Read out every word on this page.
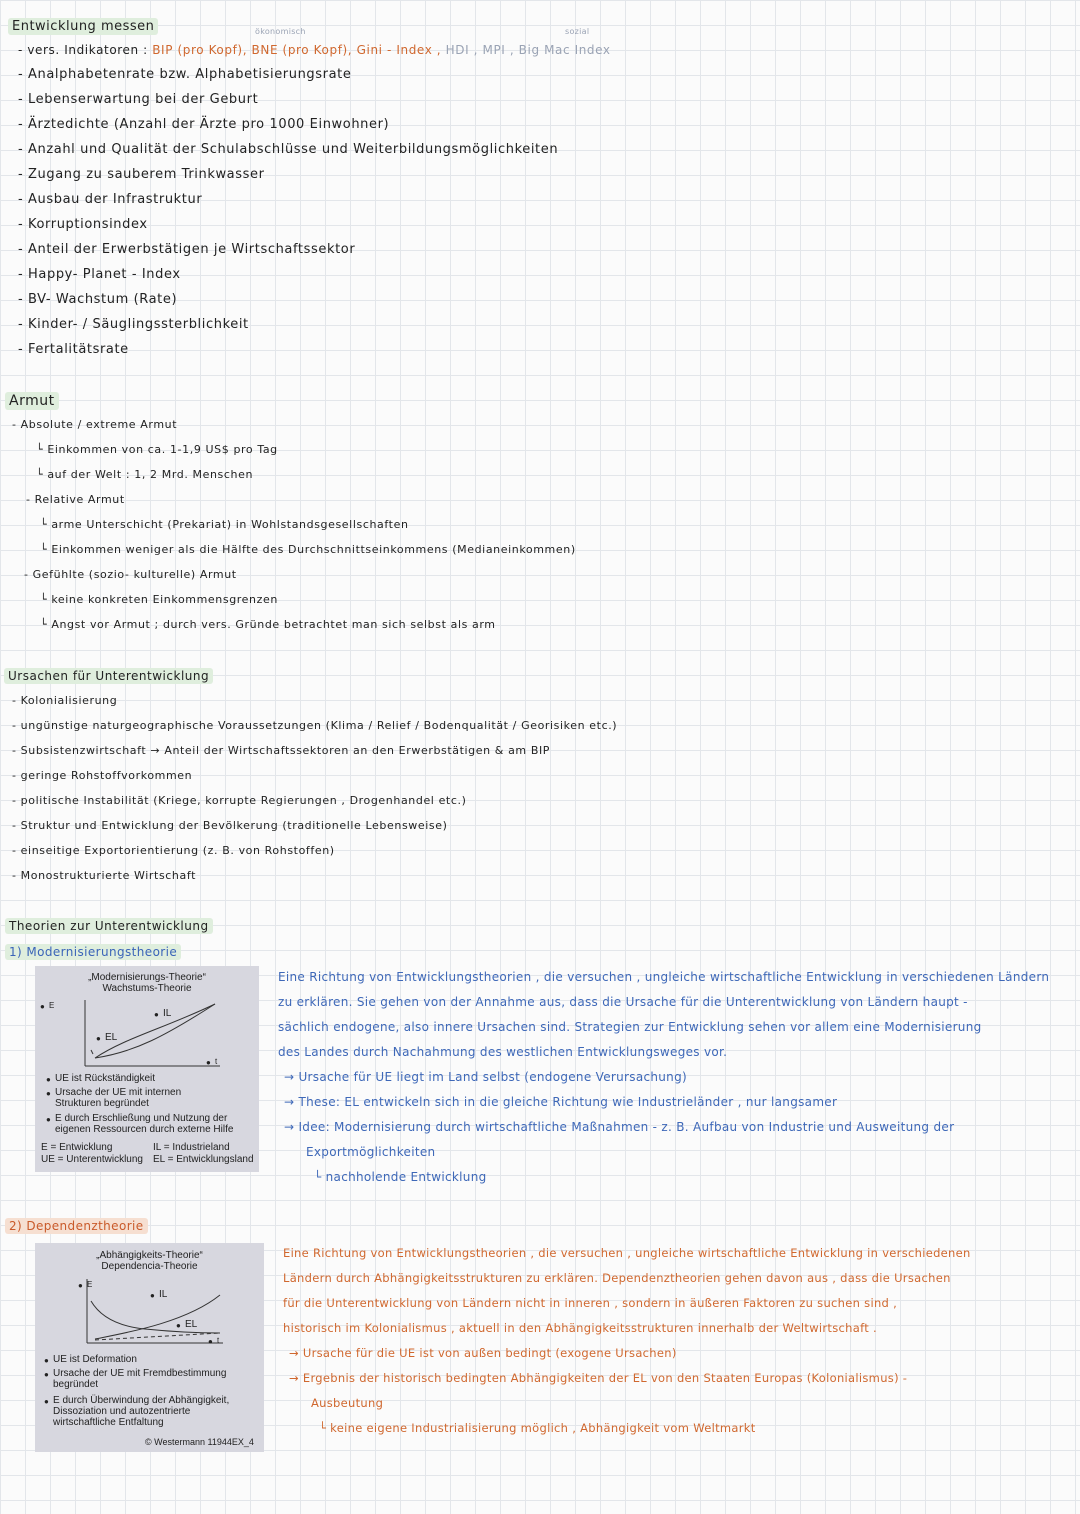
Entwicklung messen	ökonomisch	sozial
- vers. Indikatoren : BIP (pro Kopf), BNE (pro Kopf), Gini - Index , HDI , MPI , Big Mac Index
- Analphabetenrate bzw. Alphabetisierungsrate
- Lebenserwartung bei der Geburt
- Ärztedichte (Anzahl der Ärzte pro 1000 Einwohner)
- Anzahl und Qualität der Schulabschlüsse und Weiterbildungsmöglichkeiten
- Zugang zu sauberem Trinkwasser
- Ausbau der Infrastruktur
- Korruptionsindex
- Anteil der Erwerbstätigen je Wirtschaftssektor
- Happy- Planet - Index
- BV- Wachstum (Rate)
- Kinder- / Säuglingssterblichkeit
- Fertalitätsrate
Armut
- Absolute / extreme Armut
└ Einkommen von ca. 1-1,9 US$ pro Tag
└ auf der Welt : 1, 2 Mrd. Menschen
- Relative Armut
└ arme Unterschicht (Prekariat) in Wohlstandsgesellschaften
└ Einkommen weniger als die Hälfte des Durchschnittseinkommens (Medianeinkommen)
- Gefühlte (sozio- kulturelle) Armut
└ keine konkreten Einkommensgrenzen
└ Angst vor Armut ; durch vers. Gründe betrachtet man sich selbst als arm
Ursachen für Unterentwicklung
- Kolonialisierung
- ungünstige naturgeographische Voraussetzungen (Klima / Relief / Bodenqualität / Georisiken etc.)
- Subsistenzwirtschaft → Anteil der Wirtschaftssektoren an den Erwerbstätigen & am BIP
- geringe Rohstoffvorkommen
- politische Instabilität (Kriege, korrupte Regierungen , Drogenhandel etc.)
- Struktur und Entwicklung der Bevölkerung (traditionelle Lebensweise)
- einseitige Exportorientierung (z. B. von Rohstoffen)
- Monostrukturierte Wirtschaft
Theorien zur Unterentwicklung
1) Modernisierungstheorie
„Modernisierungs-Theorie“
Wachstums-Theorie
● E
● t
● IL
● EL
● UE ist Rückständigkeit
● Ursache der UE mit internen Strukturen begründet
● E durch Erschließung und Nutzung der eigenen Ressourcen durch externe Hilfe
E = Entwicklung
UE = Unterentwicklung
IL = Industrieland
EL = Entwicklungsland
Eine Richtung von Entwicklungstheorien , die versuchen , ungleiche wirtschaftliche Entwicklung in verschiedenen Ländern
zu erklären. Sie gehen von der Annahme aus, dass die Ursache für die Unterentwicklung von Ländern haupt -
sächlich endogene, also innere Ursachen sind. Strategien zur Entwicklung sehen vor allem eine Modernisierung
des Landes durch Nachahmung des westlichen Entwicklungsweges vor.
→ Ursache für UE liegt im Land selbst (endogene Verursachung)
→ These: EL entwickeln sich in die gleiche Richtung wie Industrieländer , nur langsamer
→ Idee: Modernisierung durch wirtschaftliche Maßnahmen - z. B. Aufbau von Industrie und Ausweitung der
Exportmöglichkeiten
└ nachholende Entwicklung
2) Dependenztheorie
„Abhängigkeits-Theorie“
Dependencia-Theorie
● E
● t
● IL
● EL
● UE ist Deformation
● Ursache der UE mit Fremdbestimmung begründet
● E durch Überwindung der Abhängigkeit, Dissoziation und autozentrierte wirtschaftliche Entfaltung
© Westermann 11944EX_4
Eine Richtung von Entwicklungstheorien , die versuchen , ungleiche wirtschaftliche Entwicklung in verschiedenen
Ländern durch Abhängigkeitsstrukturen zu erklären. Dependenztheorien gehen davon aus , dass die Ursachen
für die Unterentwicklung von Ländern nicht in inneren , sondern in äußeren Faktoren zu suchen sind ,
historisch im Kolonialismus , aktuell in den Abhängigkeitsstrukturen innerhalb der Weltwirtschaft .
→ Ursache für die UE ist von außen bedingt (exogene Ursachen)
→ Ergebnis der historisch bedingten Abhängigkeiten der EL von den Staaten Europas (Kolonialismus) -
Ausbeutung
└ keine eigene Industrialisierung möglich , Abhängigkeit vom Weltmarkt
